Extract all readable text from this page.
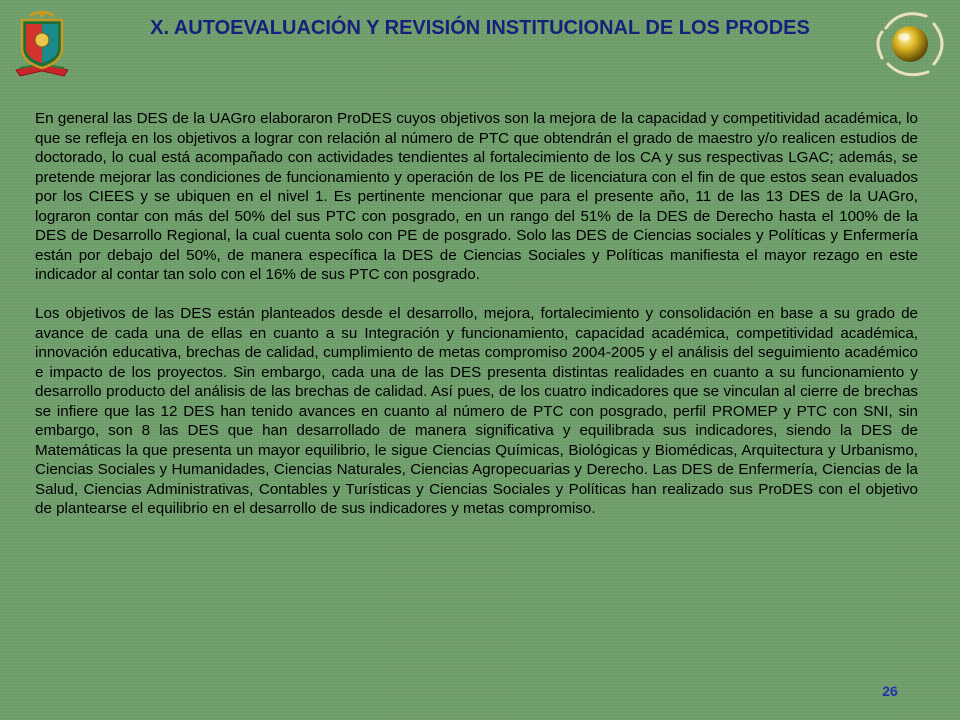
X. AUTOEVALUACIÓN Y REVISIÓN INSTITUCIONAL DE LOS PRODES

En general las DES de la UAGro elaboraron ProDES cuyos objetivos son la mejora de la capacidad y competitividad académica, lo que se refleja en los objetivos a lograr con relación al número de PTC que obtendrán el grado de maestro y/o realicen estudios de doctorado, lo cual está acompañado con actividades tendientes al fortalecimiento de los CA y sus respectivas LGAC; además, se pretende mejorar las condiciones de funcionamiento y operación de los PE de licenciatura con el fin de que estos sean evaluados por los CIEES y se ubiquen en el nivel 1. Es pertinente mencionar que para el presente año, 11 de las 13 DES de la UAGro, lograron contar con más del 50% del sus PTC con posgrado, en un rango del 51% de la DES de Derecho hasta el 100% de la DES de Desarrollo Regional, la cual cuenta solo con PE de posgrado. Solo las DES de Ciencias sociales y Políticas y Enfermería están por debajo del 50%, de manera específica la DES de Ciencias Sociales y Políticas manifiesta el mayor rezago en este indicador al contar tan solo con el 16% de sus PTC con posgrado.

Los objetivos de las DES están planteados desde el desarrollo, mejora, fortalecimiento y consolidación en base a su grado de avance de cada una de ellas en cuanto a su Integración y funcionamiento, capacidad académica, competitividad académica, innovación educativa, brechas de calidad, cumplimiento de metas compromiso 2004-2005 y el análisis del seguimiento académico e impacto de los proyectos. Sin embargo, cada una de las DES presenta distintas realidades en cuanto a su funcionamiento y desarrollo producto del análisis de las brechas de calidad. Así pues, de los cuatro indicadores que se vinculan al cierre de brechas se infiere que las 12 DES han tenido avances en cuanto al número de PTC con posgrado, perfil PROMEP y PTC con SNI, sin embargo, son 8 las DES que han desarrollado de manera significativa y equilibrada sus indicadores, siendo la DES de Matemáticas la que presenta un mayor equilibrio, le sigue Ciencias Químicas, Biológicas y Biomédicas, Arquitectura y Urbanismo, Ciencias Sociales y Humanidades, Ciencias Naturales, Ciencias Agropecuarias y Derecho. Las DES de Enfermería, Ciencias de la Salud, Ciencias Administrativas, Contables y Turísticas y Ciencias Sociales y Políticas han realizado sus ProDES con el objetivo de plantearse el equilibrio en el desarrollo de sus indicadores y metas compromiso.

26
